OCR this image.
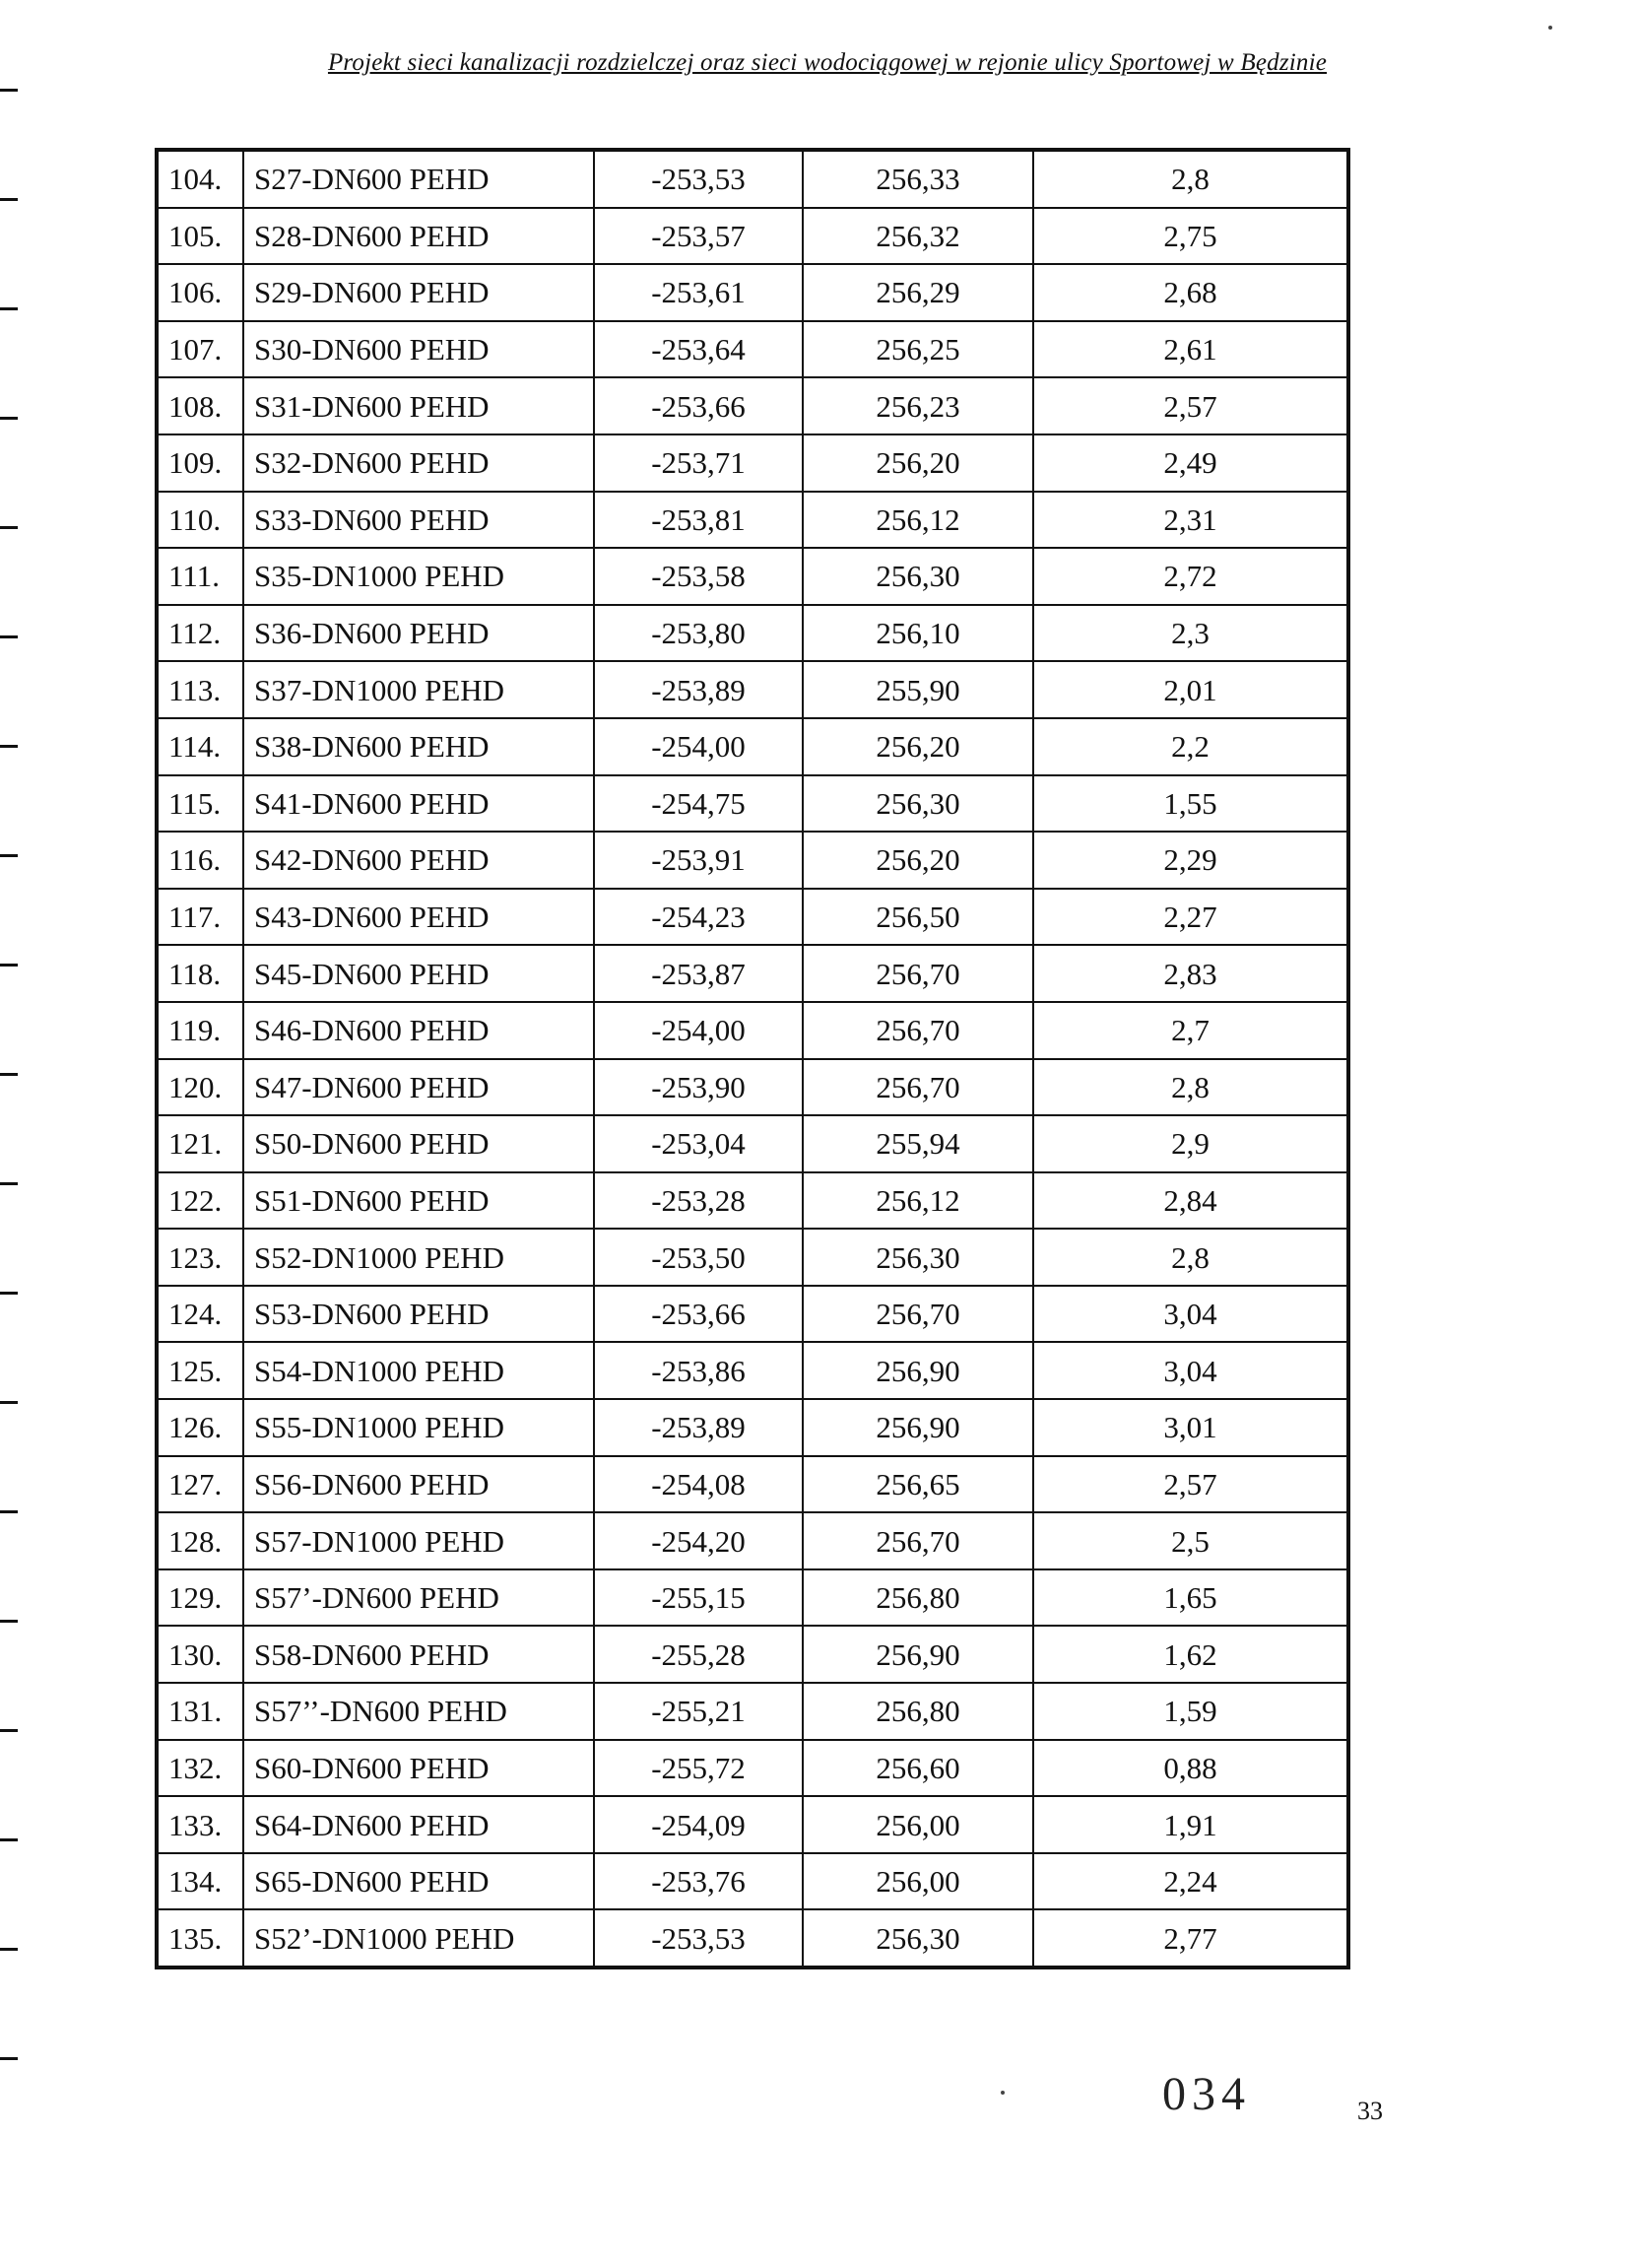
Projekt sieci kanalizacji rozdzielczej oraz sieci wodociągowej w rejonie ulicy Sportowej w Będzinie
104.	S27-DN600 PEHD	-253,53	256,33	2,8
105.	S28-DN600 PEHD	-253,57	256,32	2,75
106.	S29-DN600 PEHD	-253,61	256,29	2,68
107.	S30-DN600 PEHD	-253,64	256,25	2,61
108.	S31-DN600 PEHD	-253,66	256,23	2,57
109.	S32-DN600 PEHD	-253,71	256,20	2,49
110.	S33-DN600 PEHD	-253,81	256,12	2,31
111.	S35-DN1000 PEHD	-253,58	256,30	2,72
112.	S36-DN600 PEHD	-253,80	256,10	2,3
113.	S37-DN1000 PEHD	-253,89	255,90	2,01
114.	S38-DN600 PEHD	-254,00	256,20	2,2
115.	S41-DN600 PEHD	-254,75	256,30	1,55
116.	S42-DN600 PEHD	-253,91	256,20	2,29
117.	S43-DN600 PEHD	-254,23	256,50	2,27
118.	S45-DN600 PEHD	-253,87	256,70	2,83
119.	S46-DN600 PEHD	-254,00	256,70	2,7
120.	S47-DN600 PEHD	-253,90	256,70	2,8
121.	S50-DN600 PEHD	-253,04	255,94	2,9
122.	S51-DN600 PEHD	-253,28	256,12	2,84
123.	S52-DN1000 PEHD	-253,50	256,30	2,8
124.	S53-DN600 PEHD	-253,66	256,70	3,04
125.	S54-DN1000 PEHD	-253,86	256,90	3,04
126.	S55-DN1000 PEHD	-253,89	256,90	3,01
127.	S56-DN600 PEHD	-254,08	256,65	2,57
128.	S57-DN1000 PEHD	-254,20	256,70	2,5
129.	S57’-DN600 PEHD	-255,15	256,80	1,65
130.	S58-DN600 PEHD	-255,28	256,90	1,62
131.	S57’’-DN600 PEHD	-255,21	256,80	1,59
132.	S60-DN600 PEHD	-255,72	256,60	0,88
133.	S64-DN600 PEHD	-254,09	256,00	1,91
134.	S65-DN600 PEHD	-253,76	256,00	2,24
135.	S52’-DN1000 PEHD	-253,53	256,30	2,77
034	33
